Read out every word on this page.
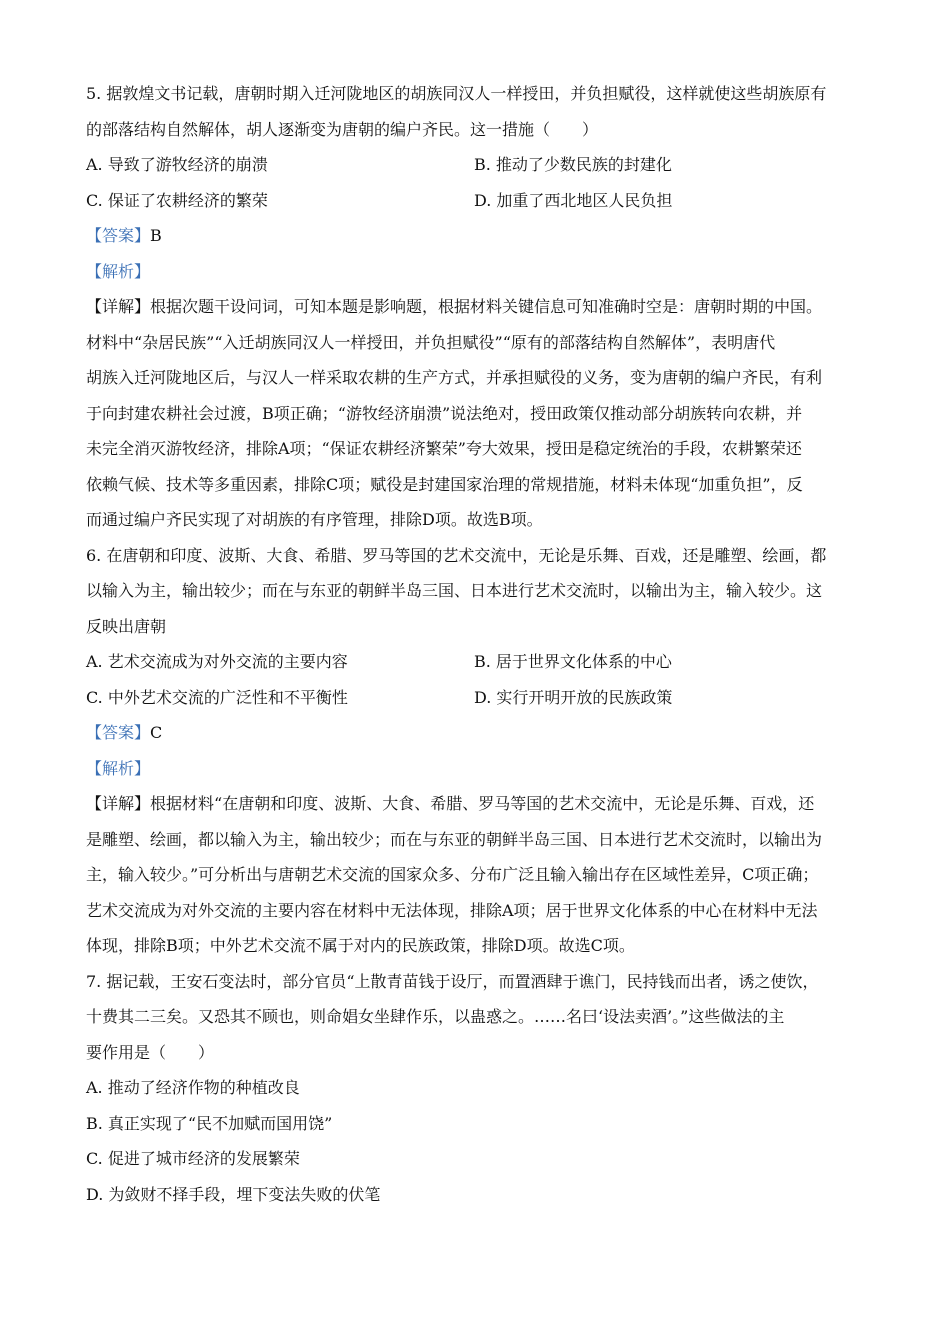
5. 据敦煌文书记载，唐朝时期入迁河陇地区的胡族同汉人一样授田，并负担赋役，这样就使这些胡族原有

的部落结构自然解体，胡人逐渐变为唐朝的编户齐民。这一措施（　　）

A. 导致了游牧经济的崩溃	B. 推动了少数民族的封建化

C. 保证了农耕经济的繁荣	D. 加重了西北地区人民负担

【答案】B

【解析】

【详解】根据次题干设问词，可知本题是影响题，根据材料关键信息可知准确时空是：唐朝时期的中国。

材料中“杂居民族”“入迁胡族同汉人一样授田，并负担赋役”“原有的部落结构自然解体”，表明唐代

胡族入迁河陇地区后，与汉人一样采取农耕的生产方式，并承担赋役的义务，变为唐朝的编户齐民，有利

于向封建农耕社会过渡，B项正确；“游牧经济崩溃”说法绝对，授田政策仅推动部分胡族转向农耕，并

未完全消灭游牧经济，排除A项；“保证农耕经济繁荣”夸大效果，授田是稳定统治的手段，农耕繁荣还

依赖气候、技术等多重因素，排除C项；赋役是封建国家治理的常规措施，材料未体现“加重负担”，反

而通过编户齐民实现了对胡族的有序管理，排除D项。故选B项。

6. 在唐朝和印度、波斯、大食、希腊、罗马等国的艺术交流中，无论是乐舞、百戏，还是雕塑、绘画，都

以输入为主，输出较少；而在与东亚的朝鲜半岛三国、日本进行艺术交流时，以输出为主，输入较少。这

反映出唐朝

A. 艺术交流成为对外交流的主要内容	B. 居于世界文化体系的中心

C. 中外艺术交流的广泛性和不平衡性	D. 实行开明开放的民族政策

【答案】C

【解析】

【详解】根据材料“在唐朝和印度、波斯、大食、希腊、罗马等国的艺术交流中，无论是乐舞、百戏，还

是雕塑、绘画，都以输入为主，输出较少；而在与东亚的朝鲜半岛三国、日本进行艺术交流时，以输出为

主，输入较少。”可分析出与唐朝艺术交流的国家众多、分布广泛且输入输出存在区域性差异，C项正确；

艺术交流成为对外交流的主要内容在材料中无法体现，排除A项；居于世界文化体系的中心在材料中无法

体现，排除B项；中外艺术交流不属于对内的民族政策，排除D项。故选C项。

7. 据记载，王安石变法时，部分官员“上散青苗钱于设厅，而置酒肆于谯门，民持钱而出者，诱之使饮，

十费其二三矣。又恐其不顾也，则命娼女坐肆作乐，以蛊惑之。……名曰‘设法卖酒’。”这些做法的主

要作用是（　　）

A. 推动了经济作物的种植改良

B. 真正实现了“民不加赋而国用饶”

C. 促进了城市经济的发展繁荣

D. 为敛财不择手段，埋下变法失败的伏笔
